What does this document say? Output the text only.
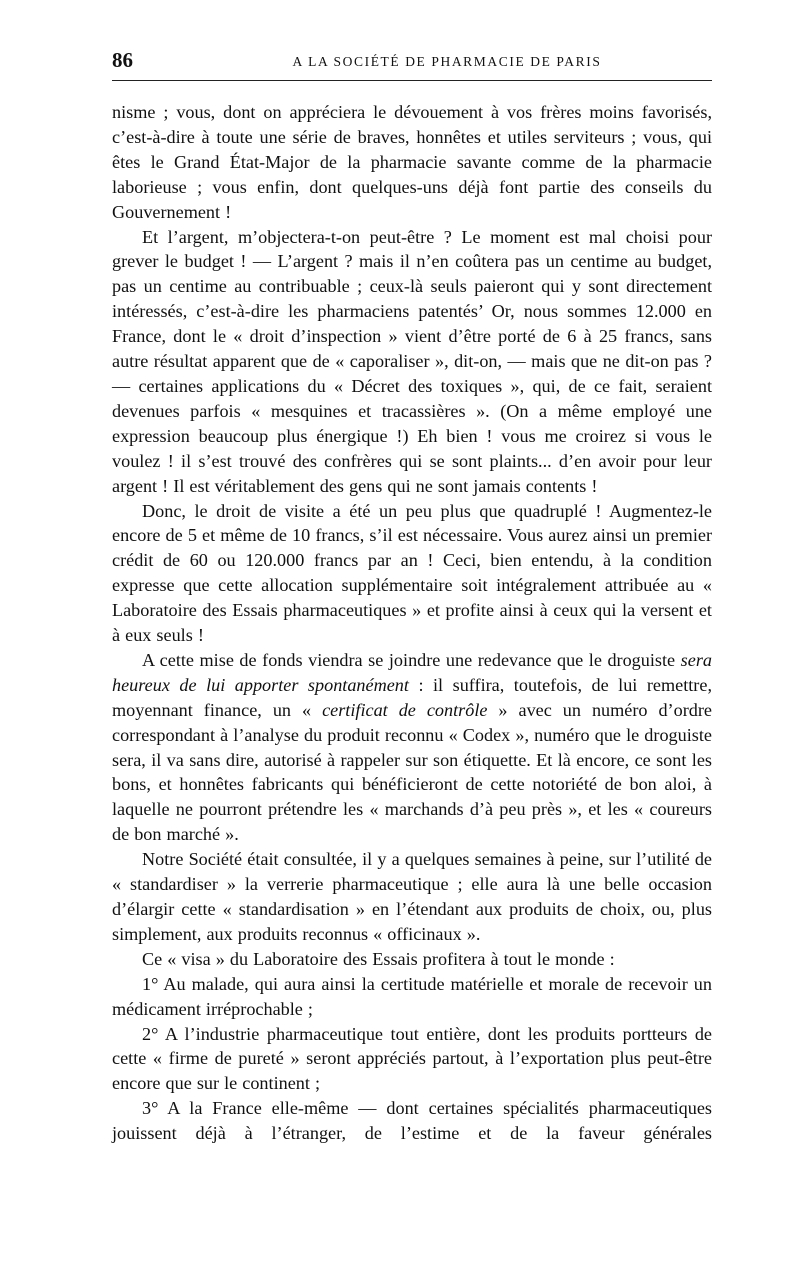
86	A LA SOCIÉTÉ DE PHARMACIE DE PARIS

nisme ; vous, dont on appréciera le dévouement à vos frères moins favorisés, c’est-à-dire à toute une série de braves, honnêtes et utiles serviteurs ; vous, qui êtes le Grand État-Major de la pharmacie savante comme de la pharmacie laborieuse ; vous enfin, dont quelques-uns déjà font partie des conseils du Gouvernement !

Et l’argent, m’objectera-t-on peut-être ? Le moment est mal choisi pour grever le budget ! — L’argent ? mais il n’en coûtera pas un centime au budget, pas un centime au contribuable ; ceux-là seuls paieront qui y sont directement intéressés, c’est-à-dire les pharmaciens patentés’ Or, nous sommes 12.000 en France, dont le « droit d’inspection » vient d’être porté de 6 à 25 francs, sans autre résultat apparent que de « caporaliser », dit-on, — mais que ne dit-on pas ? — certaines applications du « Décret des toxiques », qui, de ce fait, seraient devenues parfois « mesquines et tracassières ». (On a même employé une expression beaucoup plus énergique !) Eh bien ! vous me croirez si vous le voulez ! il s’est trouvé des confrères qui se sont plaints... d’en avoir pour leur argent ! Il est véritablement des gens qui ne sont jamais contents !

Donc, le droit de visite a été un peu plus que quadruplé ! Augmentez-le encore de 5 et même de 10 francs, s’il est nécessaire. Vous aurez ainsi un premier crédit de 60 ou 120.000 francs par an ! Ceci, bien entendu, à la condition expresse que cette allocation supplémentaire soit intégralement attribuée au « Laboratoire des Essais pharmaceutiques » et profite ainsi à ceux qui la versent et à eux seuls !

A cette mise de fonds viendra se joindre une redevance que le droguiste sera heureux de lui apporter spontanément : il suffira, toutefois, de lui remettre, moyennant finance, un « certificat de contrôle » avec un numéro d’ordre correspondant à l’analyse du produit reconnu « Codex », numéro que le droguiste sera, il va sans dire, autorisé à rappeler sur son étiquette. Et là encore, ce sont les bons, et honnêtes fabricants qui bénéficieront de cette notoriété de bon aloi, à laquelle ne pourront prétendre les « marchands d’à peu près », et les « coureurs de bon marché ».

Notre Société était consultée, il y a quelques semaines à peine, sur l’utilité de « standardiser » la verrerie pharmaceutique ; elle aura là une belle occasion d’élargir cette « standardisation » en l’étendant aux produits de choix, ou, plus simplement, aux produits reconnus « officinaux ».

Ce « visa » du Laboratoire des Essais profitera à tout le monde :

1° Au malade, qui aura ainsi la certitude matérielle et morale de recevoir un médicament irréprochable ;

2° A l’industrie pharmaceutique tout entière, dont les produits portteurs de cette « firme de pureté » seront appréciés partout, à l’exportation plus peut-être encore que sur le continent ;

3° A la France elle-même — dont certaines spécialités pharmaceutiques jouissent déjà à l’étranger, de l’estime et de la faveur générales
